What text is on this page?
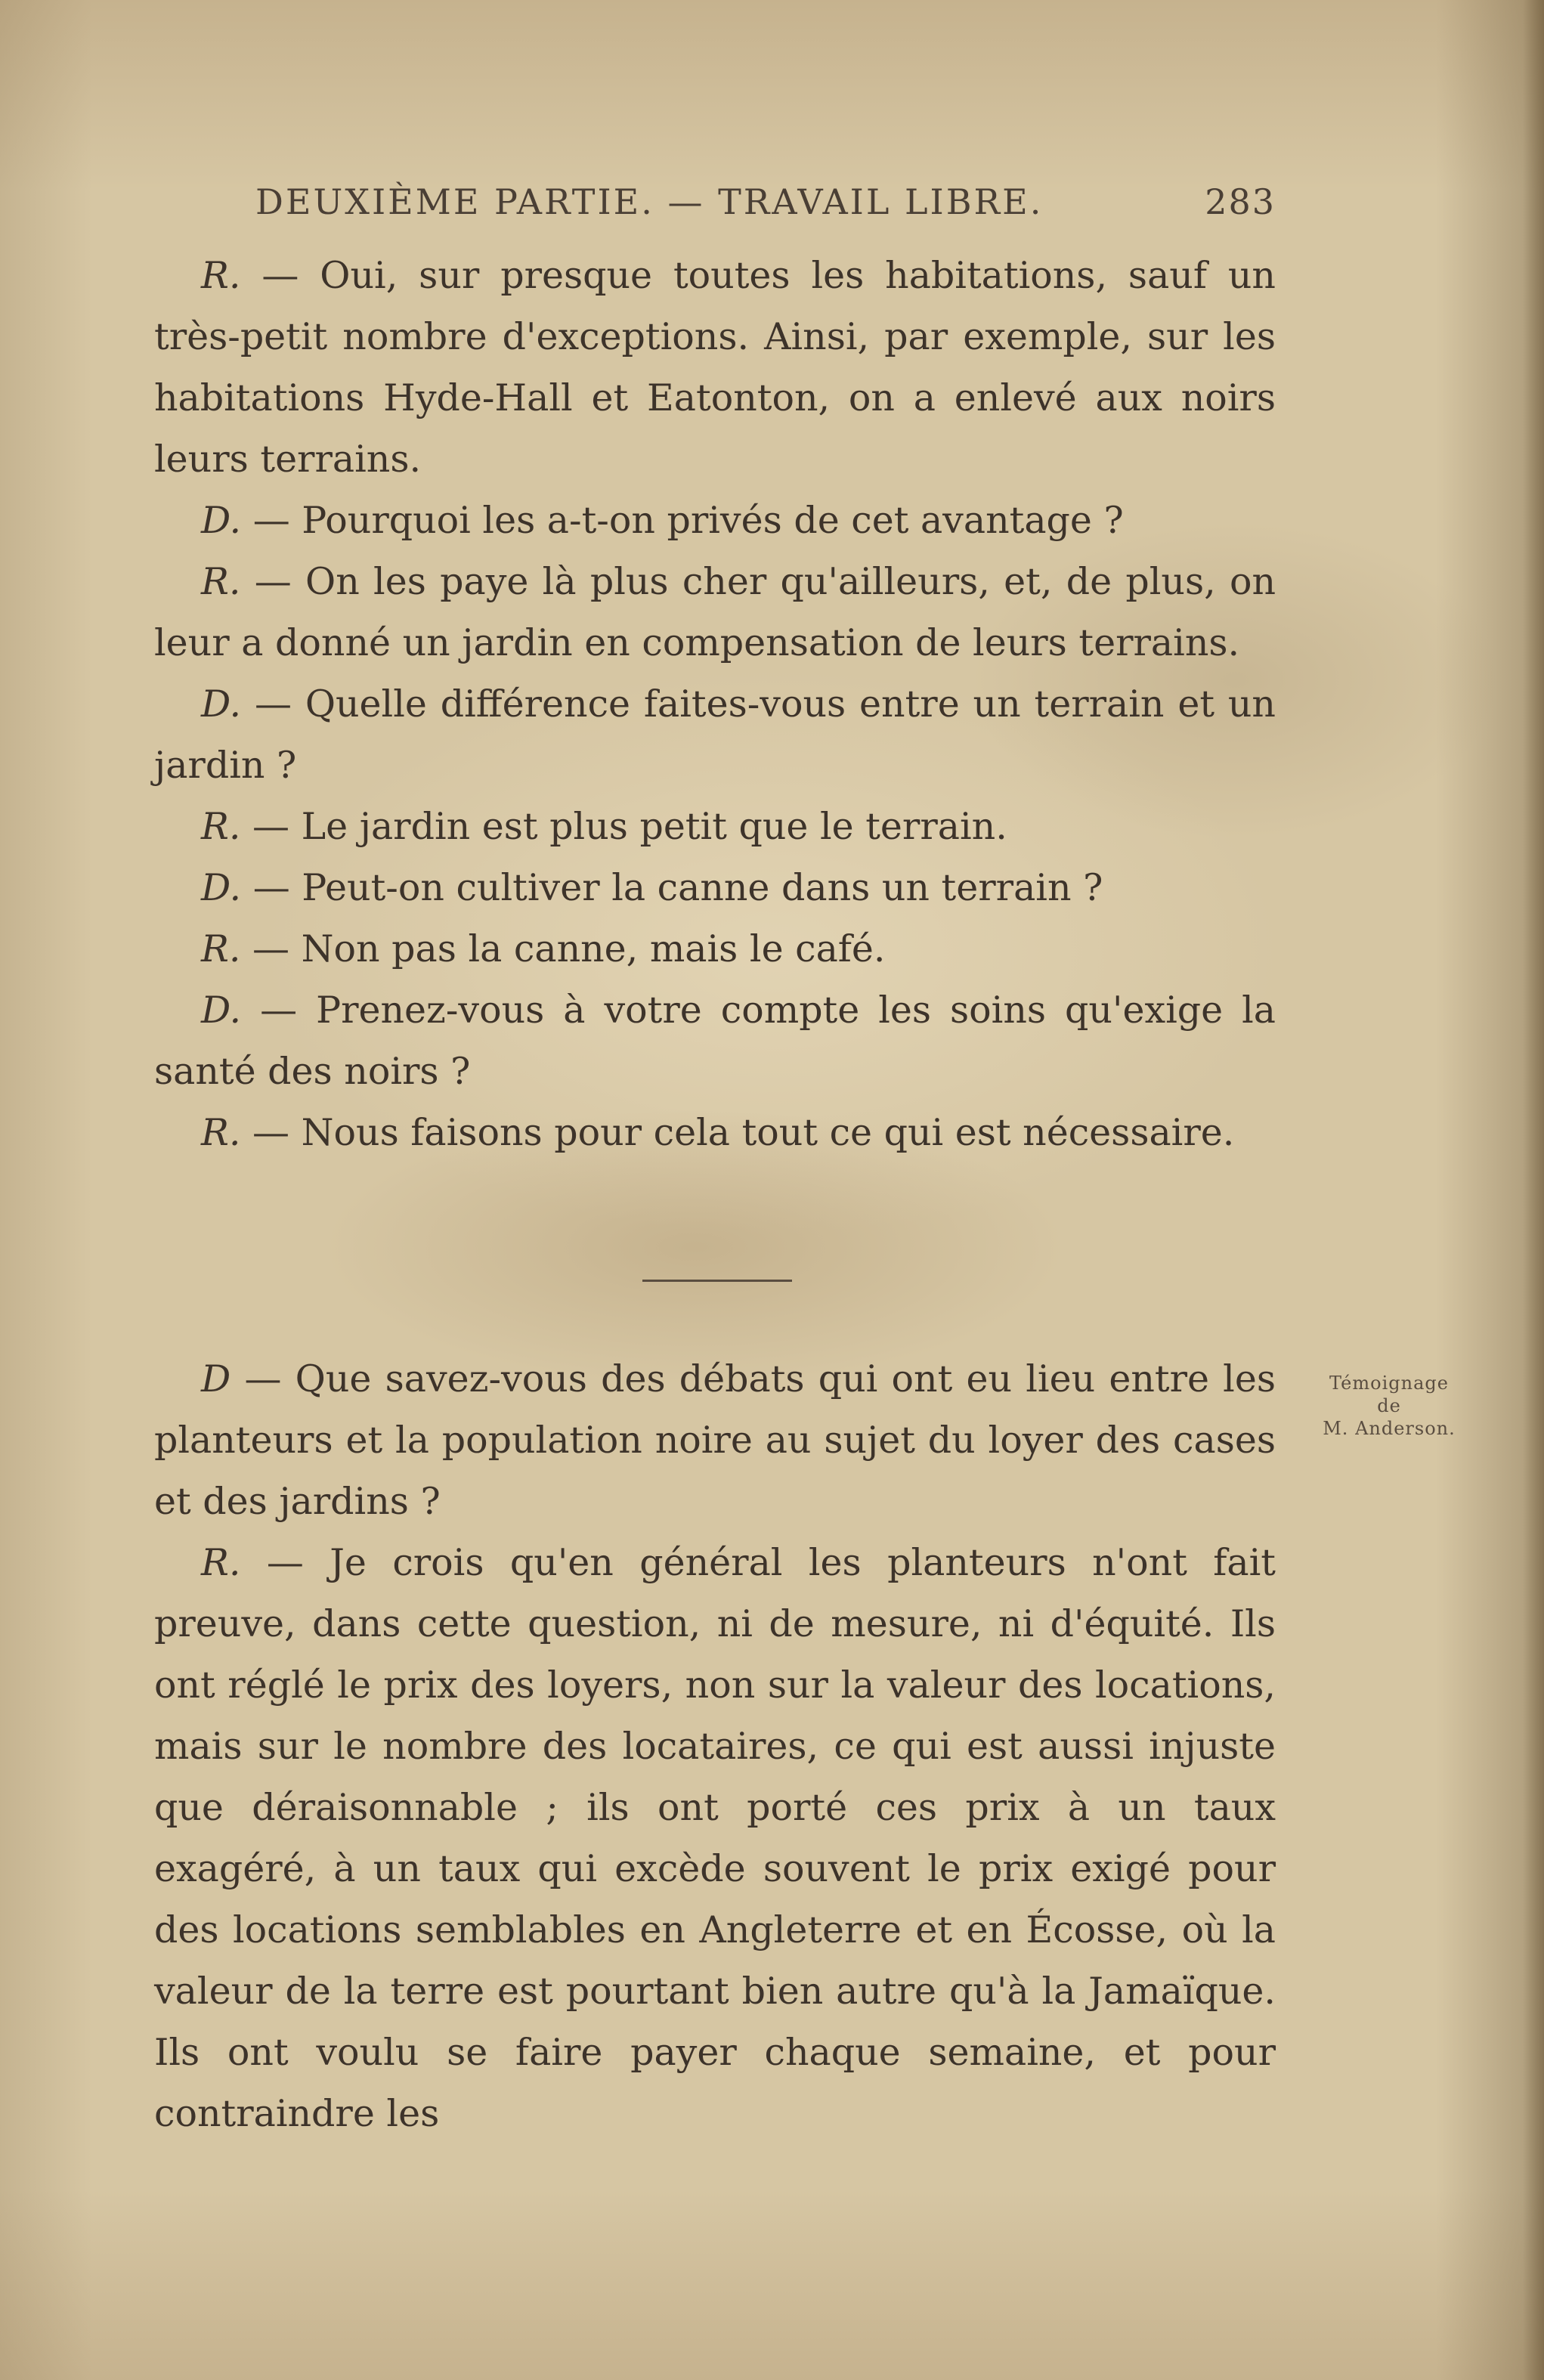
DEUXIÈME PARTIE. — TRAVAIL LIBRE.	283

R. — Oui, sur presque toutes les habitations, sauf un très-petit nombre d'exceptions. Ainsi, par exemple, sur les habitations Hyde-Hall et Eatonton, on a enlevé aux noirs leurs terrains.

D. — Pourquoi les a-t-on privés de cet avantage ?

R. — On les paye là plus cher qu'ailleurs, et, de plus, on leur a donné un jardin en compensation de leurs terrains.

D. — Quelle différence faites-vous entre un terrain et un jardin ?

R. — Le jardin est plus petit que le terrain.

D. — Peut-on cultiver la canne dans un terrain ?

R. — Non pas la canne, mais le café.

D. — Prenez-vous à votre compte les soins qu'exige la santé des noirs ?

R. — Nous faisons pour cela tout ce qui est nécessaire.

D — Que savez-vous des débats qui ont eu lieu entre les planteurs et la population noire au sujet du loyer des cases et des jardins ?

R. — Je crois qu'en général les planteurs n'ont fait preuve, dans cette question, ni de mesure, ni d'équité. Ils ont réglé le prix des loyers, non sur la valeur des locations, mais sur le nombre des locataires, ce qui est aussi injuste que déraisonnable ; ils ont porté ces prix à un taux exagéré, à un taux qui excède souvent le prix exigé pour des locations semblables en Angleterre et en Écosse, où la valeur de la terre est pourtant bien autre qu'à la Jamaïque. Ils ont voulu se faire payer chaque semaine, et pour contraindre les

Témoignage
de
M. Anderson.
